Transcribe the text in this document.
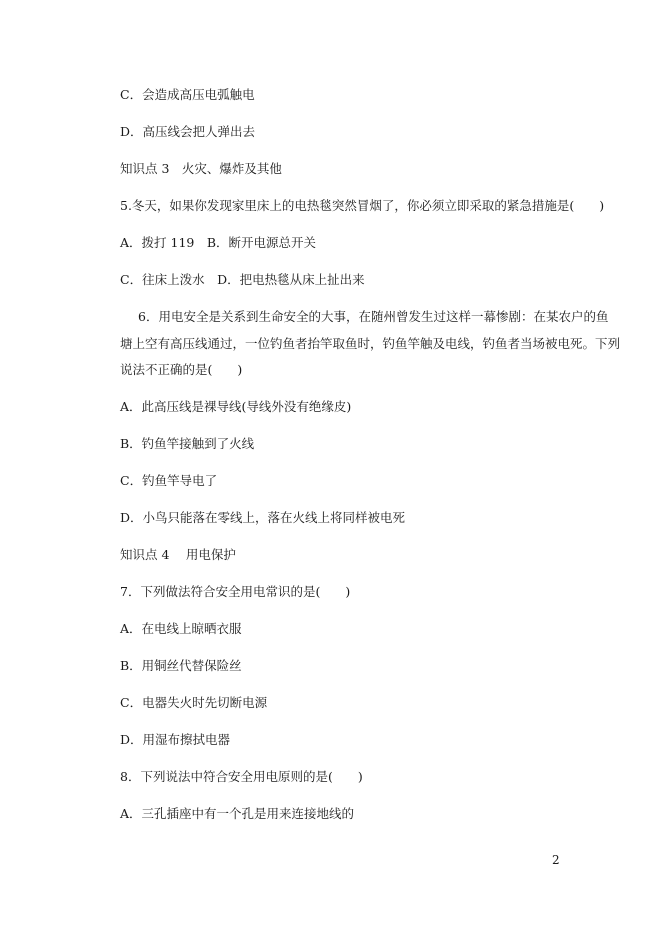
C．会造成高压电弧触电
D．高压线会把人弹出去
知识点 3　火灾、爆炸及其他
5.冬天，如果你发现家里床上的电热毯突然冒烟了，你必须立即采取的紧急措施是(　　)
A．拨打 119　B．断开电源总开关
C．往床上泼水　D．把电热毯从床上扯出来
6．用电安全是关系到生命安全的大事，在随州曾发生过这样一幕惨剧：在某农户的鱼
塘上空有高压线通过，一位钓鱼者抬竿取鱼时，钓鱼竿触及电线，钓鱼者当场被电死。下列
说法不正确的是(　　)
A．此高压线是裸导线(导线外没有绝缘皮)
B．钓鱼竿接触到了火线
C．钓鱼竿导电了
D．小鸟只能落在零线上，落在火线上将同样被电死
知识点 4　 用电保护
7．下列做法符合安全用电常识的是(　　)
A．在电线上晾晒衣服
B．用铜丝代替保险丝
C．电器失火时先切断电源
D．用湿布擦拭电器
8．下列说法中符合安全用电原则的是(　　)
A．三孔插座中有一个孔是用来连接地线的
2
